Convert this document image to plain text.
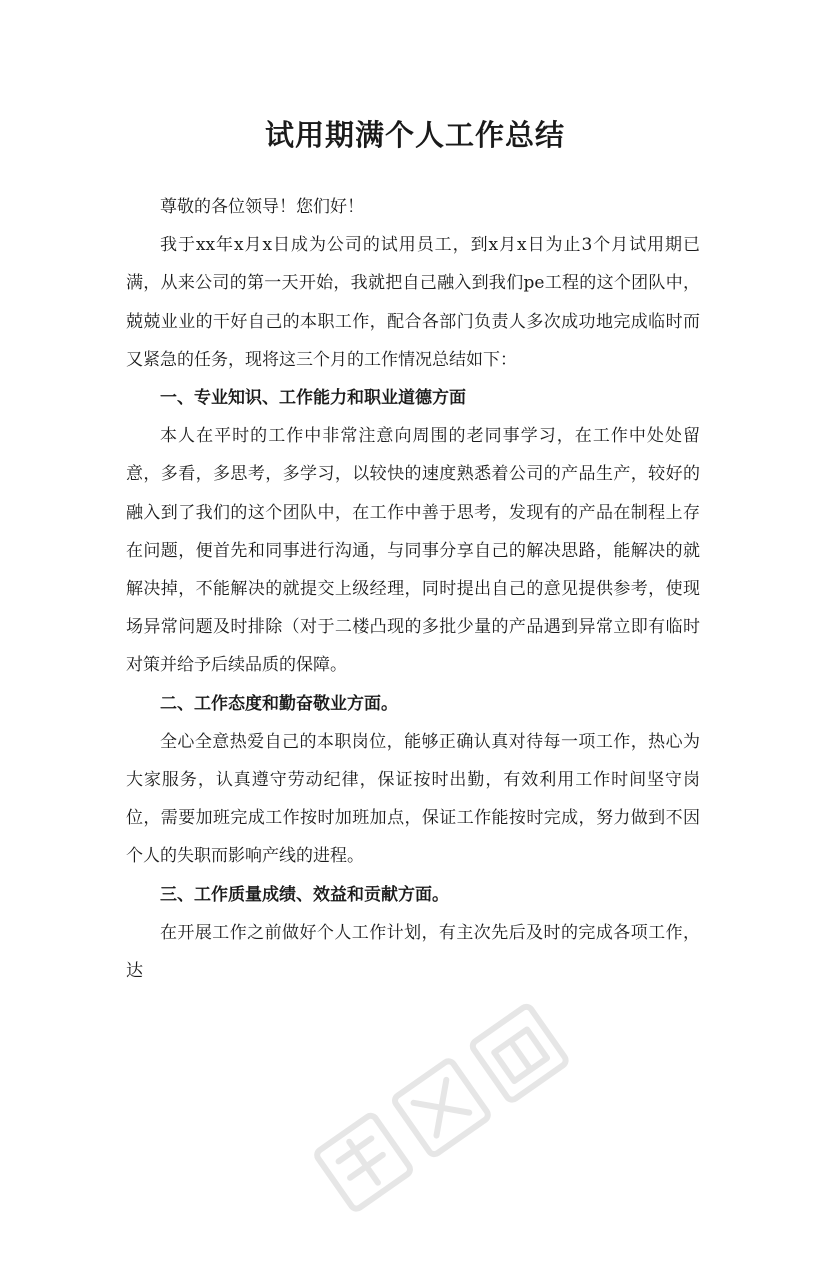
试用期满个人工作总结

尊敬的各位领导！您们好！

我于xx年x月x日成为公司的试用员工，到x月x日为止3个月试用期已满，从来公司的第一天开始，我就把自己融入到我们pe工程的这个团队中，兢兢业业的干好自己的本职工作，配合各部门负责人多次成功地完成临时而又紧急的任务，现将这三个月的工作情况总结如下：

一、专业知识、工作能力和职业道德方面

本人在平时的工作中非常注意向周围的老同事学习，在工作中处处留意，多看，多思考，多学习，以较快的速度熟悉着公司的产品生产，较好的融入到了我们的这个团队中，在工作中善于思考，发现有的产品在制程上存在问题，便首先和同事进行沟通，与同事分享自己的解决思路，能解决的就解决掉，不能解决的就提交上级经理，同时提出自己的意见提供参考，使现场异常问题及时排除（对于二楼凸现的多批少量的产品遇到异常立即有临时对策并给予后续品质的保障。

二、工作态度和勤奋敬业方面。

全心全意热爱自己的本职岗位，能够正确认真对待每一项工作，热心为大家服务，认真遵守劳动纪律，保证按时出勤，有效利用工作时间坚守岗位，需要加班完成工作按时加班加点，保证工作能按时完成，努力做到不因个人的失职而影响产线的进程。

三、工作质量成绩、效益和贡献方面。

在开展工作之前做好个人工作计划，有主次先后及时的完成各项工作，达
